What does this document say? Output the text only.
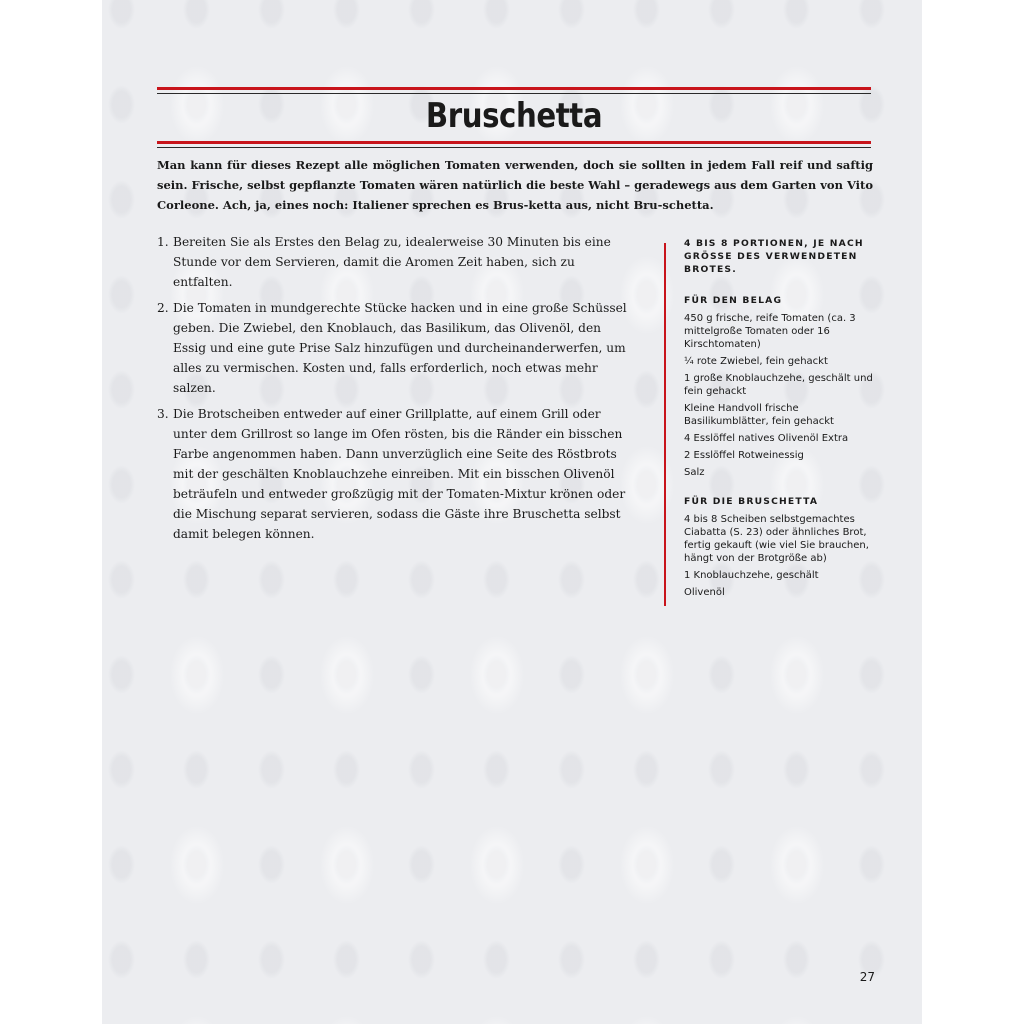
Bruschetta

Man kann für dieses Rezept alle möglichen Tomaten verwenden, doch sie sollten in jedem Fall reif und saftig sein. Frische, selbst gepflanzte Tomaten wären natürlich die beste Wahl – geradewegs aus dem Garten von Vito Corleone. Ach, ja, eines noch: Italiener sprechen es Brus-ketta aus, nicht Bru-schetta.

1. Bereiten Sie als Erstes den Belag zu, idealerweise 30 Minuten bis eine Stunde vor dem Servieren, damit die Aromen Zeit haben, sich zu entfalten.
2. Die Tomaten in mundgerechte Stücke hacken und in eine große Schüssel geben. Die Zwiebel, den Knoblauch, das Basilikum, das Olivenöl, den Essig und eine gute Prise Salz hinzufügen und durcheinanderwerfen, um alles zu vermischen. Kosten und, falls erforderlich, noch etwas mehr salzen.
3. Die Brotscheiben entweder auf einer Grillplatte, auf einem Grill oder unter dem Grillrost so lange im Ofen rösten, bis die Ränder ein bisschen Farbe angenommen haben. Dann unverzüglich eine Seite des Röstbrots mit der geschälten Knoblauchzehe einreiben. Mit ein bisschen Olivenöl beträufeln und entweder großzügig mit der Tomaten-Mixtur krönen oder die Mischung separat servieren, sodass die Gäste ihre Bruschetta selbst damit belegen können.
4 BIS 8 PORTIONEN, JE NACH GRÖSSE DES VERWENDETEN BROTES.
FÜR DEN BELAG
450 g frische, reife Tomaten (ca. 3 mittelgroße Tomaten oder 16 Kirschtomaten)
¼ rote Zwiebel, fein gehackt
1 große Knoblauchzehe, geschält und fein gehackt
Kleine Handvoll frische Basilikumblätter, fein gehackt
4 Esslöffel natives Olivenöl Extra
2 Esslöffel Rotweinessig
Salz
FÜR DIE BRUSCHETTA
4 bis 8 Scheiben selbstgemachtes Ciabatta (S. 23) oder ähnliches Brot, fertig gekauft (wie viel Sie brauchen, hängt von der Brotgröße ab)
1 Knoblauchzehe, geschält
Olivenöl
27
